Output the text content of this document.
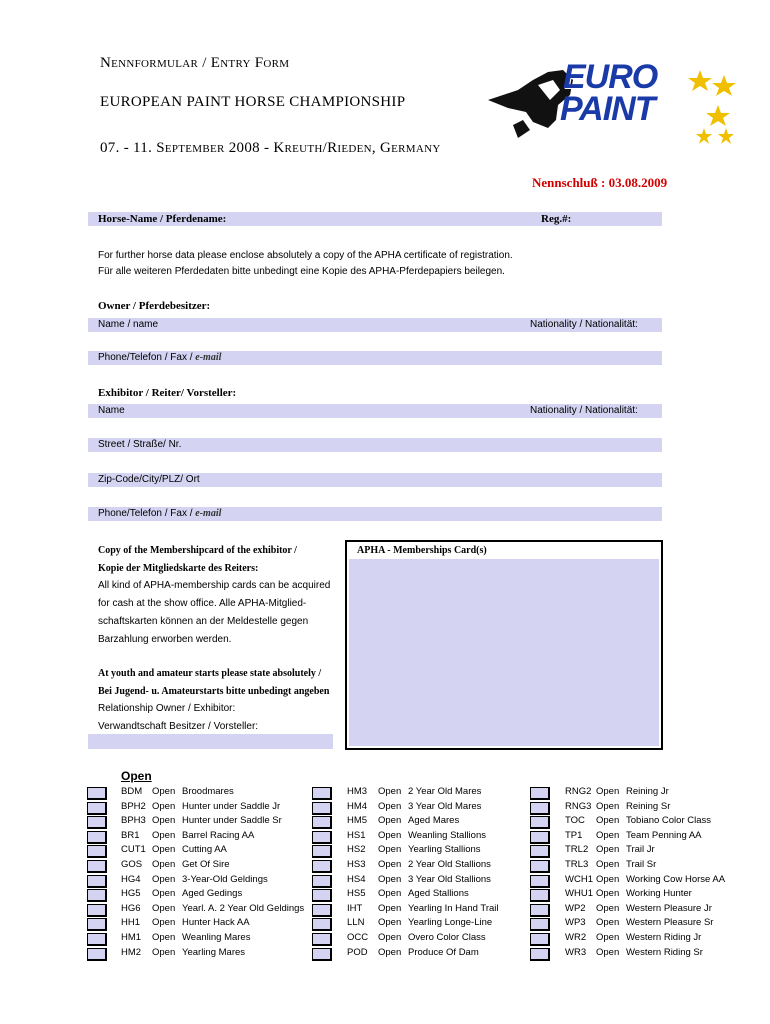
Nennformular / Entry Form
EUROPEAN PAINT HORSE CHAMPIONSHIP
07. - 11. September 2008 - Kreuth/Rieden, Germany
Nennschluß : 03.08.2009
EURO
PAINT
Horse-Name / Pferdename:	Reg.#:
For further horse data please enclose absolutely a copy of the APHA certificate of registration.
Für alle weiteren Pferdedaten bitte unbedingt eine Kopie des APHA-Pferdepapiers beilegen.
Owner / Pferdebesitzer:
Name / name	Nationality / Nationalität:
Phone/Telefon / Fax / e-mail
Exhibitor / Reiter/ Vorsteller:
Name	Nationality / Nationalität:
Street / Straße/ Nr.
Zip-Code/City/PLZ/ Ort
Phone/Telefon / Fax / e-mail
Copy of the Membershipcard of the exhibitor /
Kopie der Mitgliedskarte des Reiters:
All kind of APHA-membership cards can be acquired
for cash at the show office. Alle APHA-Mitglied-
schaftskarten können an der Meldestelle gegen
Barzahlung erworben werden.
At youth and amateur starts please state absolutely /
Bei Jugend- u. Amateurstarts bitte unbedingt angeben
Relationship Owner / Exhibitor:
Verwandtschaft Besitzer / Vorsteller:
APHA - Memberships Card(s)
Open
BDM Open Broodmares
BPH2 Open Hunter under Saddle Jr
BPH3 Open Hunter under Saddle Sr
BR1 Open Barrel Racing AA
CUT1 Open Cutting AA
GOS Open Get Of Sire
HG4 Open 3-Year-Old Geldings
HG5 Open Aged Gedings
HG6 Open Yearl. A. 2 Year Old Geldings
HH1 Open Hunter Hack AA
HM1 Open Weanling Mares
HM2 Open Yearling Mares
HM3 Open 2 Year Old Mares
HM4 Open 3 Year Old Mares
HM5 Open Aged Mares
HS1 Open Weanling Stallions
HS2 Open Yearling Stallions
HS3 Open 2 Year Old Stallions
HS4 Open 3 Year Old Stallions
HS5 Open Aged Stallions
IHT Open Yearling In Hand Trail
LLN Open Yearling Longe-Line
OCC Open Overo Color Class
POD Open Produce Of Dam
RNG2 Open Reining Jr
RNG3 Open Reining Sr
TOC Open Tobiano Color Class
TP1 Open Team Penning AA
TRL2 Open Trail Jr
TRL3 Open Trail Sr
WCH1 Open Working Cow Horse AA
WHU1 Open Working Hunter
WP2 Open Western Pleasure Jr
WP3 Open Western Pleasure Sr
WR2 Open Western Riding Jr
WR3 Open Western Riding Sr
